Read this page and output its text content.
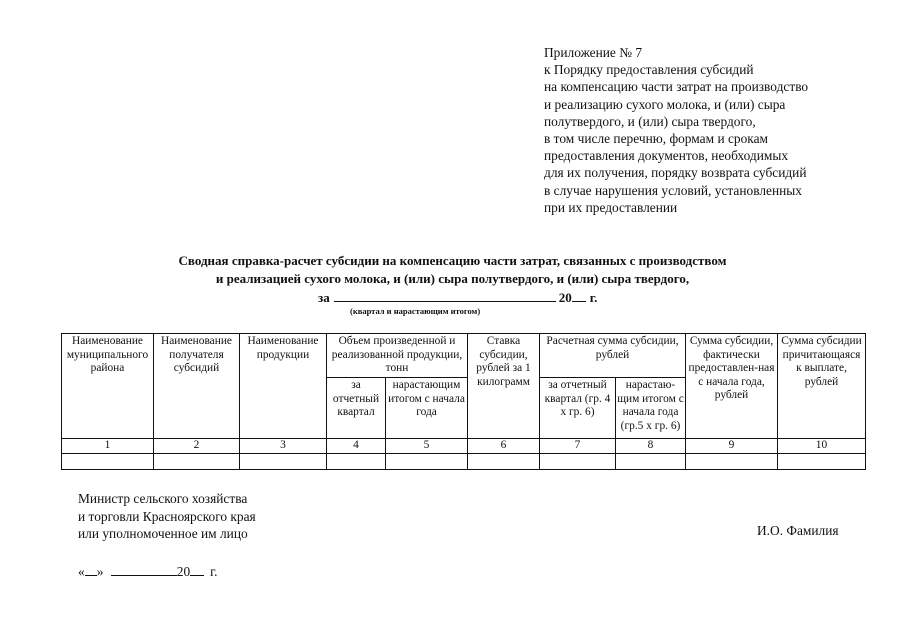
Приложение № 7
к Порядку предоставления субсидий
на компенсацию части затрат на производство
и реализацию сухого молока, и (или) сыра
полутвердого, и (или) сыра твердого,
в том числе перечню, формам и срокам
предоставления документов, необходимых
для их получения, порядку возврата субсидий
в случае нарушения условий, установленных
при их предоставлении
Сводная справка-расчет субсидии на компенсацию части затрат, связанных с производством
и реализацией сухого молока, и (или) сыра полутвердого, и (или) сыра твердого,
за	20 г.
(квартал и нарастающим итогом)
Наименование муниципального района	Наименование получателя субсидий	Наименование продукции	Объем произведенной и реализованной продукции, тонн		Ставка субсидии, рублей за 1 килограмм	Расчетная сумма субсидии, рублей		Сумма субсидии, фактически предоставлен-ная с начала года, рублей	Сумма субсидии причитающаяся к выплате, рублей
			за отчетный квартал	нарастающим итогом с начала года		за отчетный квартал (гр. 4 х гр. 6)	нарастаю-щим итогом с начала года (гр.5 х гр. 6)		
1	2	3	4	5	6	7	8	9	10

Министр сельского хозяйства
и торговли Красноярского края
или уполномоченное им лицо	И.О. Фамилия
« »	20 г.
